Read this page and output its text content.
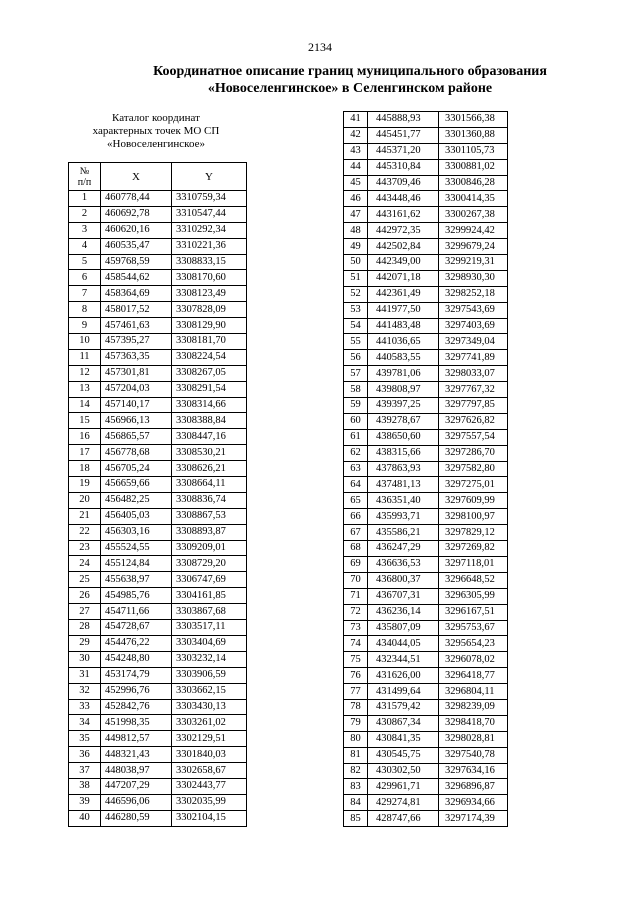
2134
Координатное описание границ муниципального образования
«Новоселенгинское» в Селенгинском районе
Каталог координат
характерных точек МО СП
«Новоселенгинское»
№
п/п	X	Y
1	460778,44	3310759,34
2	460692,78	3310547,44
3	460620,16	3310292,34
4	460535,47	3310221,36
5	459768,59	3308833,15
6	458544,62	3308170,60
7	458364,69	3308123,49
8	458017,52	3307828,09
9	457461,63	3308129,90
10	457395,27	3308181,70
11	457363,35	3308224,54
12	457301,81	3308267,05
13	457204,03	3308291,54
14	457140,17	3308314,66
15	456966,13	3308388,84
16	456865,57	3308447,16
17	456778,68	3308530,21
18	456705,24	3308626,21
19	456659,66	3308664,11
20	456482,25	3308836,74
21	456405,03	3308867,53
22	456303,16	3308893,87
23	455524,55	3309209,01
24	455124,84	3308729,20
25	455638,97	3306747,69
26	454985,76	3304161,85
27	454711,66	3303867,68
28	454728,67	3303517,11
29	454476,22	3303404,69
30	454248,80	3303232,14
31	453174,79	3303906,59
32	452996,76	3303662,15
33	452842,76	3303430,13
34	451998,35	3303261,02
35	449812,57	3302129,51
36	448321,43	3301840,03
37	448038,97	3302658,67
38	447207,29	3302443,77
39	446596,06	3302035,99
40	446280,59	3302104,15
41	445888,93	3301566,38
42	445451,77	3301360,88
43	445371,20	3301105,73
44	445310,84	3300881,02
45	443709,46	3300846,28
46	443448,46	3300414,35
47	443161,62	3300267,38
48	442972,35	3299924,42
49	442502,84	3299679,24
50	442349,00	3299219,31
51	442071,18	3298930,30
52	442361,49	3298252,18
53	441977,50	3297543,69
54	441483,48	3297403,69
55	441036,65	3297349,04
56	440583,55	3297741,89
57	439781,06	3298033,07
58	439808,97	3297767,32
59	439397,25	3297797,85
60	439278,67	3297626,82
61	438650,60	3297557,54
62	438315,66	3297286,70
63	437863,93	3297582,80
64	437481,13	3297275,01
65	436351,40	3297609,99
66	435993,71	3298100,97
67	435586,21	3297829,12
68	436247,29	3297269,82
69	436636,53	3297118,01
70	436800,37	3296648,52
71	436707,31	3296305,99
72	436236,14	3296167,51
73	435807,09	3295753,67
74	434044,05	3295654,23
75	432344,51	3296078,02
76	431626,00	3296418,77
77	431499,64	3296804,11
78	431579,42	3298239,09
79	430867,34	3298418,70
80	430841,35	3298028,81
81	430545,75	3297540,78
82	430302,50	3297634,16
83	429961,71	3296896,87
84	429274,81	3296934,66
85	428747,66	3297174,39
